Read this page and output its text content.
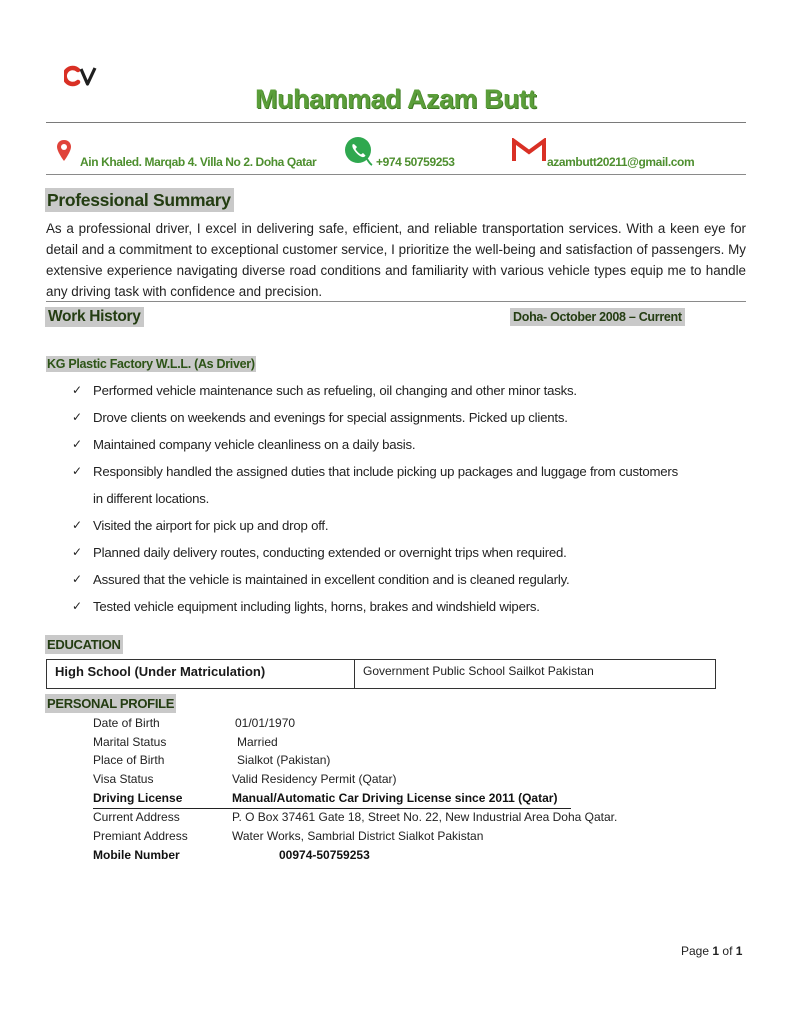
Muhammad Azam Butt
Ain Khaled. Marqab 4. Villa No 2. Doha Qatar	+974 50759253	azambutt20211@gmail.com
Professional Summary
As a professional driver, I excel in delivering safe, efficient, and reliable transportation services. With a keen eye for detail and a commitment to exceptional customer service, I prioritize the well-being and satisfaction of passengers. My extensive experience navigating diverse road conditions and familiarity with various vehicle types equip me to handle any driving task with confidence and precision.
Work History	Doha- October 2008 – Current
KG Plastic Factory W.L.L. (As Driver)
✓ Performed vehicle maintenance such as refueling, oil changing and other minor tasks.
✓ Drove clients on weekends and evenings for special assignments. Picked up clients.
✓ Maintained company vehicle cleanliness on a daily basis.
✓ Responsibly handled the assigned duties that include picking up packages and luggage from customers
in different locations.
✓ Visited the airport for pick up and drop off.
✓ Planned daily delivery routes, conducting extended or overnight trips when required.
✓ Assured that the vehicle is maintained in excellent condition and is cleaned regularly.
✓ Tested vehicle equipment including lights, horns, brakes and windshield wipers.
EDUCATION
High School (Under Matriculation)	Government Public School Sailkot Pakistan
PERSONAL PROFILE
Date of Birth	01/01/1970
Marital Status	Married
Place of Birth	Sialkot (Pakistan)
Visa Status	Valid Residency Permit (Qatar)
Driving License	Manual/Automatic Car Driving License since 2011 (Qatar)
Current Address	P. O Box 37461 Gate 18, Street No. 22, New Industrial Area Doha Qatar.
Premiant Address	Water Works, Sambrial District Sialkot Pakistan
Mobile Number	00974-50759253
Page 1 of 1
